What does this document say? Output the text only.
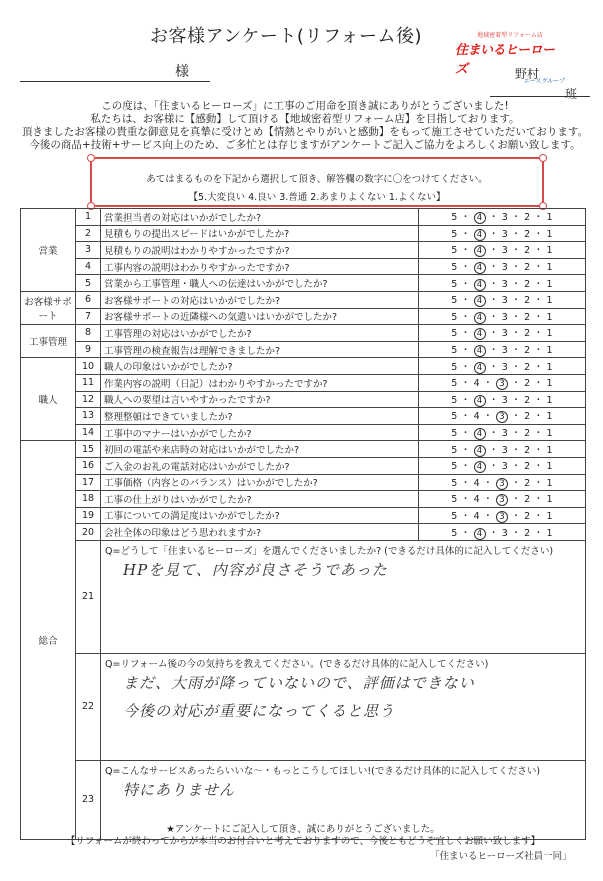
お客様アンケート(リフォーム後)	地域密着型リフォーム店
住まいるヒーローズ
エースグループ
様	野村
班
この度は、「住まいるヒーローズ」に工事のご用命を頂き誠にありがとうございました!
私たちは、お客様に【感動】して頂ける【地域密着型リフォーム店】を目指しております。
頂きましたお客様の貴重な御意見を真摯に受けとめ【情熱とやりがいと感動】をもって施工させていただいております。
今後の商品+技術+サービス向上のため、ご多忙とは存じますがアンケートご記入ご協力をよろしくお願い致します。
あてはまるものを下記から選択して頂き、解答欄の数字に〇をつけてください。
【5.大変良い 4.良い 3.普通 2.あまりよくない 1.よくない】
営業	1	営業担当者の対応はいかがでしたか?	5 ・ 4 ・ 3 ・ 2 ・ 1
	2	見積もりの提出スピードはいかがでしたか?	5 ・ 4 ・ 3 ・ 2 ・ 1
	3	見積もりの説明はわかりやすかったですか?	5 ・ 4 ・ 3 ・ 2 ・ 1
	4	工事内容の説明はわかりやすかったですか?	5 ・ 4 ・ 3 ・ 2 ・ 1
	5	営業から工事管理・職人への伝達はいかがでしたか?	5 ・ 4 ・ 3 ・ 2 ・ 1
お客様サポート	6	お客様サポートの対応はいかがでしたか?	5 ・ 4 ・ 3 ・ 2 ・ 1
	7	お客様サポートの近隣様への気遣いはいかがでしたか?	5 ・ 4 ・ 3 ・ 2 ・ 1
工事管理	8	工事管理の対応はいかがでしたか?	5 ・ 4 ・ 3 ・ 2 ・ 1
	9	工事管理の検査報告は理解できましたか?	5 ・ 4 ・ 3 ・ 2 ・ 1
職人	10	職人の印象はいかがでしたか?	5 ・ 4 ・ 3 ・ 2 ・ 1
	11	作業内容の説明（日記）はわかりやすかったですか?	5 ・ 4 ・ 3 ・ 2 ・ 1
	12	職人への要望は言いやすかったですか?	5 ・ 4 ・ 3 ・ 2 ・ 1
	13	整理整頓はできていましたか?	5 ・ 4 ・ 3 ・ 2 ・ 1
	14	工事中のマナーはいかがでしたか?	5 ・ 4 ・ 3 ・ 2 ・ 1
総合	15	初回の電話や来店時の対応はいかがでしたか?	5 ・ 4 ・ 3 ・ 2 ・ 1
	16	ご入金のお礼の電話対応はいかがでしたか?	5 ・ 4 ・ 3 ・ 2 ・ 1
	17	工事価格（内容とのバランス）はいかがでしたか?	5 ・ 4 ・ 3 ・ 2 ・ 1
	18	工事の仕上がりはいかがでしたか?	5 ・ 4 ・ 3 ・ 2 ・ 1
	19	工事についての満足度はいかがでしたか?	5 ・ 4 ・ 3 ・ 2 ・ 1
	20	会社全体の印象はどう思われますか?	5 ・ 4 ・ 3 ・ 2 ・ 1
	21	Q=どうして「住まいるヒーローズ」を選んでくださいましたか? (できるだけ具体的に記入してください)
HPを見て、内容が良さそうであった	

	22	Q=リフォーム後の今の気持ちを教えてください。(できるだけ具体的に記入してください)
まだ、大雨が降っていないので、評価はできない
今後の対応が重要になってくると思う	

	23	Q=こんなサービスあったらいいな〜・もっとこうしてほしい!(できるだけ具体的に記入してください)
特にありません	
★アンケートにご記入して頂き、誠にありがとうございました。
【リフォームが終わってからが本当のお付合いと考えておりますので、今後ともどうぞ宜しくお願い致します】
「住まいるヒーローズ社員一同」
